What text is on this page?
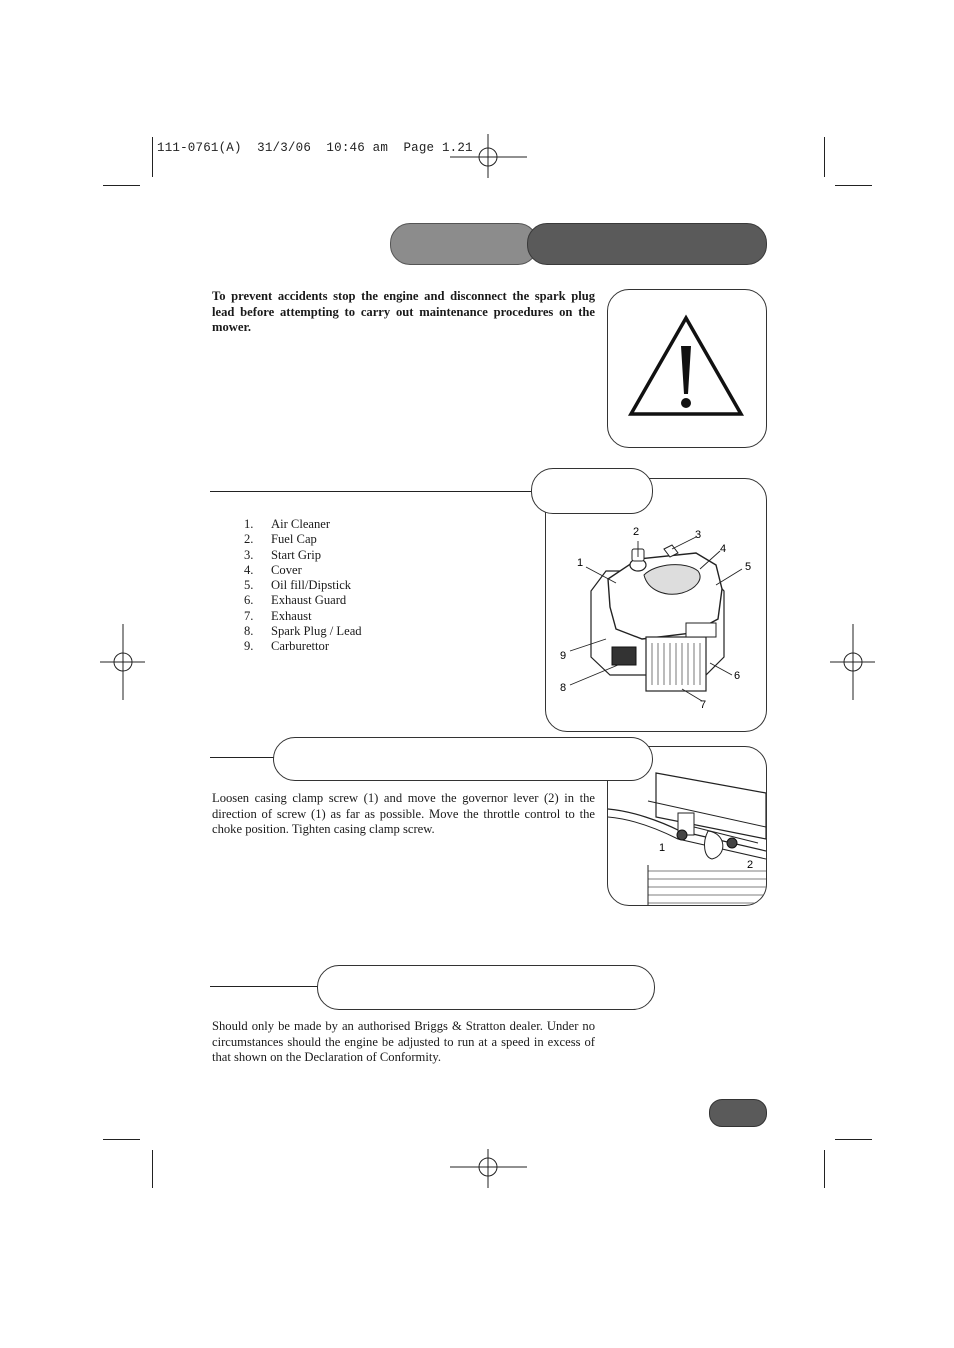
111-0761(A)  31/3/06  10:46 am  Page 1.21
To prevent accidents stop the engine and disconnect the spark plug lead before attempting to carry out maintenance procedures on the mower.
1
2	3
4
5
6
7
8
9
1.	Air Cleaner
2.	Fuel Cap
3.	Start Grip
4.	Cover
5.	Oil fill/Dipstick
6.	Exhaust Guard
7.	Exhaust
8.	Spark Plug / Lead
9.	Carburettor
1
2
Loosen casing clamp screw (1) and move the governor lever (2) in the direction of screw (1) as far as possible. Move the throttle control to the choke position. Tighten casing clamp screw.
Should only be made by an authorised Briggs & Stratton dealer. Under no circumstances should the engine be adjusted to run at a speed in excess of that shown on the Declaration of Conformity.
